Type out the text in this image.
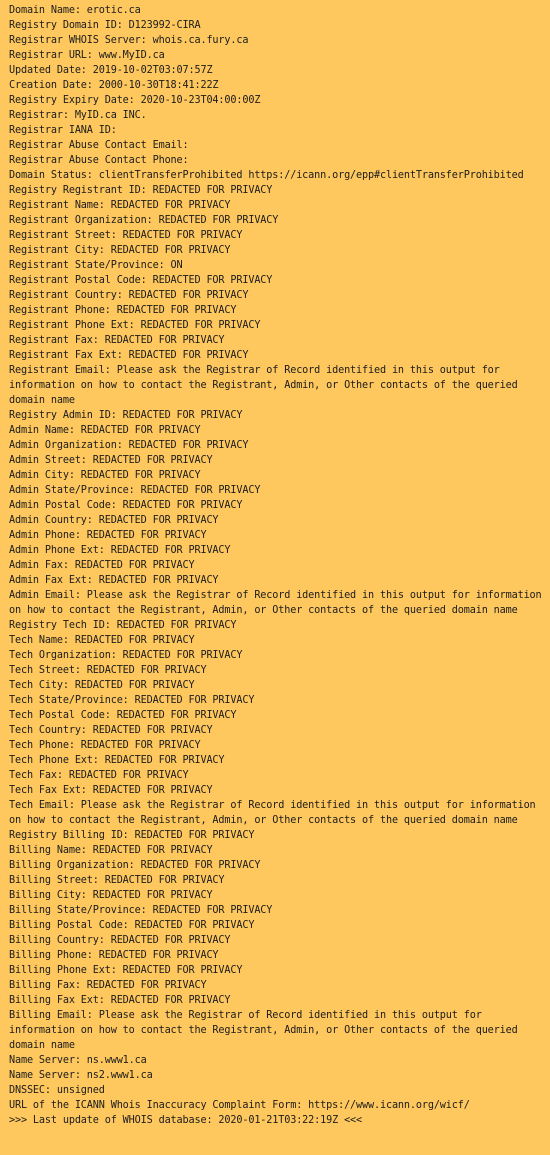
Domain Name: erotic.ca
Registry Domain ID: D123992-CIRA
Registrar WHOIS Server: whois.ca.fury.ca
Registrar URL: www.MyID.ca
Updated Date: 2019-10-02T03:07:57Z
Creation Date: 2000-10-30T18:41:22Z
Registry Expiry Date: 2020-10-23T04:00:00Z
Registrar: MyID.ca INC.
Registrar IANA ID:
Registrar Abuse Contact Email:
Registrar Abuse Contact Phone:
Domain Status: clientTransferProhibited https://icann.org/epp#clientTransferProhibited
Registry Registrant ID: REDACTED FOR PRIVACY
Registrant Name: REDACTED FOR PRIVACY
Registrant Organization: REDACTED FOR PRIVACY
Registrant Street: REDACTED FOR PRIVACY
Registrant City: REDACTED FOR PRIVACY
Registrant State/Province: ON
Registrant Postal Code: REDACTED FOR PRIVACY
Registrant Country: REDACTED FOR PRIVACY
Registrant Phone: REDACTED FOR PRIVACY
Registrant Phone Ext: REDACTED FOR PRIVACY
Registrant Fax: REDACTED FOR PRIVACY
Registrant Fax Ext: REDACTED FOR PRIVACY
Registrant Email: Please ask the Registrar of Record identified in this output for
information on how to contact the Registrant, Admin, or Other contacts of the queried
domain name
Registry Admin ID: REDACTED FOR PRIVACY
Admin Name: REDACTED FOR PRIVACY
Admin Organization: REDACTED FOR PRIVACY
Admin Street: REDACTED FOR PRIVACY
Admin City: REDACTED FOR PRIVACY
Admin State/Province: REDACTED FOR PRIVACY
Admin Postal Code: REDACTED FOR PRIVACY
Admin Country: REDACTED FOR PRIVACY
Admin Phone: REDACTED FOR PRIVACY
Admin Phone Ext: REDACTED FOR PRIVACY
Admin Fax: REDACTED FOR PRIVACY
Admin Fax Ext: REDACTED FOR PRIVACY
Admin Email: Please ask the Registrar of Record identified in this output for information
on how to contact the Registrant, Admin, or Other contacts of the queried domain name
Registry Tech ID: REDACTED FOR PRIVACY
Tech Name: REDACTED FOR PRIVACY
Tech Organization: REDACTED FOR PRIVACY
Tech Street: REDACTED FOR PRIVACY
Tech City: REDACTED FOR PRIVACY
Tech State/Province: REDACTED FOR PRIVACY
Tech Postal Code: REDACTED FOR PRIVACY
Tech Country: REDACTED FOR PRIVACY
Tech Phone: REDACTED FOR PRIVACY
Tech Phone Ext: REDACTED FOR PRIVACY
Tech Fax: REDACTED FOR PRIVACY
Tech Fax Ext: REDACTED FOR PRIVACY
Tech Email: Please ask the Registrar of Record identified in this output for information
on how to contact the Registrant, Admin, or Other contacts of the queried domain name
Registry Billing ID: REDACTED FOR PRIVACY
Billing Name: REDACTED FOR PRIVACY
Billing Organization: REDACTED FOR PRIVACY
Billing Street: REDACTED FOR PRIVACY
Billing City: REDACTED FOR PRIVACY
Billing State/Province: REDACTED FOR PRIVACY
Billing Postal Code: REDACTED FOR PRIVACY
Billing Country: REDACTED FOR PRIVACY
Billing Phone: REDACTED FOR PRIVACY
Billing Phone Ext: REDACTED FOR PRIVACY
Billing Fax: REDACTED FOR PRIVACY
Billing Fax Ext: REDACTED FOR PRIVACY
Billing Email: Please ask the Registrar of Record identified in this output for
information on how to contact the Registrant, Admin, or Other contacts of the queried
domain name
Name Server: ns.www1.ca
Name Server: ns2.www1.ca
DNSSEC: unsigned
URL of the ICANN Whois Inaccuracy Complaint Form: https://www.icann.org/wicf/
>>> Last update of WHOIS database: 2020-01-21T03:22:19Z <<<
